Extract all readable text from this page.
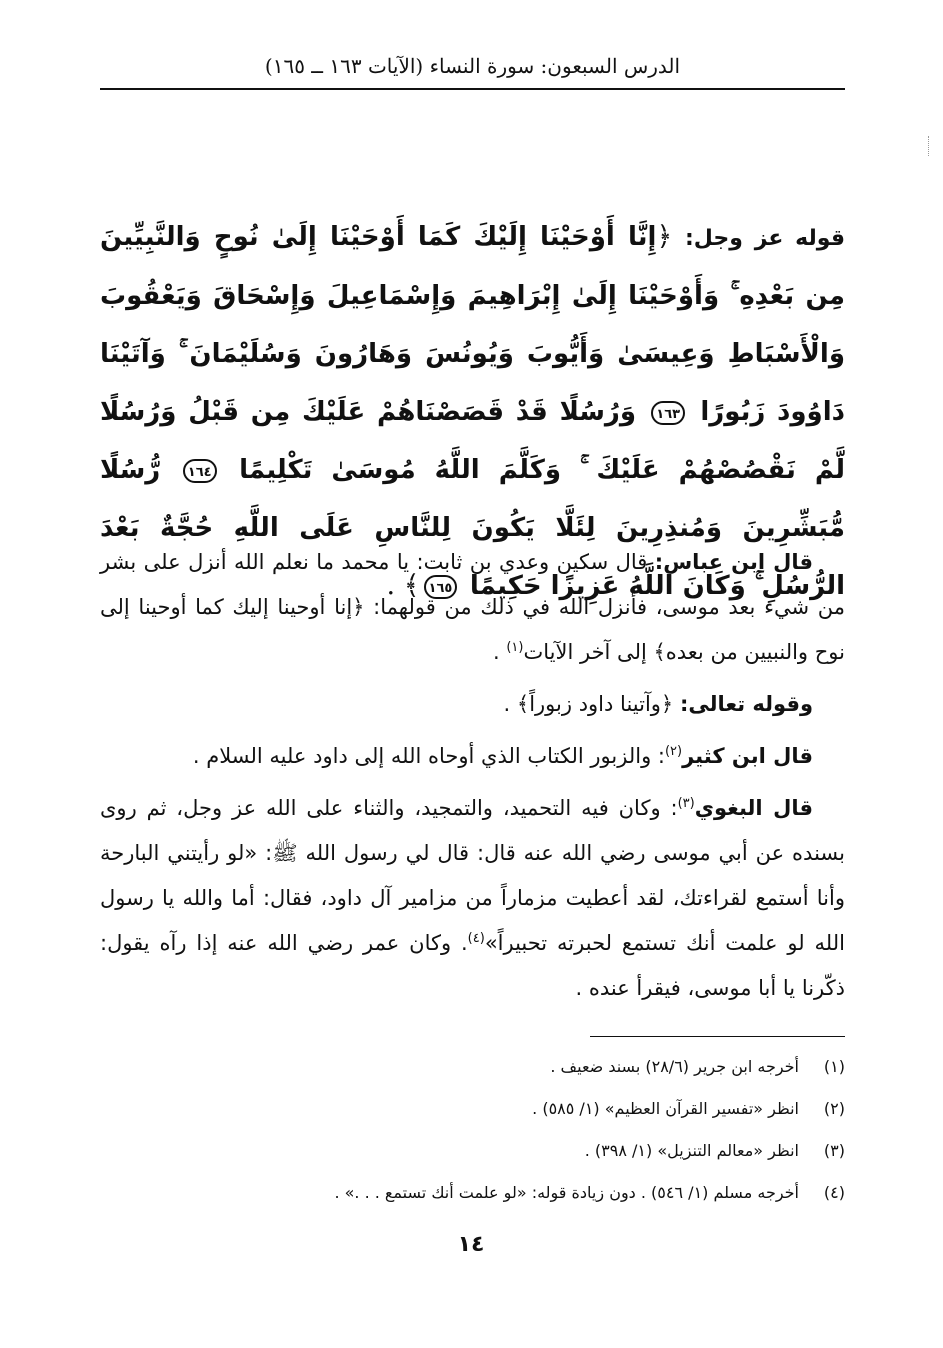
الدرس السبعون: سورة النساء (الآيات ١٦٣ ــ ١٦٥)
قوله عز وجل: ﴿إِنَّا أَوْحَيْنَا إِلَيْكَ كَمَا أَوْحَيْنَا إِلَىٰ نُوحٍ وَالنَّبِيِّينَ مِن بَعْدِهِ ۚ وَأَوْحَيْنَا إِلَىٰ إِبْرَاهِيمَ وَإِسْمَاعِيلَ وَإِسْحَاقَ وَيَعْقُوبَ وَالْأَسْبَاطِ وَعِيسَىٰ وَأَيُّوبَ وَيُونُسَ وَهَارُونَ وَسُلَيْمَانَ ۚ وَآتَيْنَا دَاوُودَ زَبُورًا ١٦٣ وَرُسُلًا قَدْ قَصَصْنَاهُمْ عَلَيْكَ مِن قَبْلُ وَرُسُلًا لَّمْ نَقْصُصْهُمْ عَلَيْكَ ۚ وَكَلَّمَ اللَّهُ مُوسَىٰ تَكْلِيمًا ١٦٤ رُّسُلًا مُّبَشِّرِينَ وَمُنذِرِينَ لِئَلَّا يَكُونَ لِلنَّاسِ عَلَى اللَّهِ حُجَّةٌ بَعْدَ الرُّسُلِ ۚ وَكَانَ اللَّهُ عَزِيزًا حَكِيمًا ١٦٥﴾ .

قال ابن عباس: قال سكين وعدي بن ثابت: يا محمد ما نعلم الله أنزل على بشر من شيء بعد موسى، فأنزل الله في ذلك من قولهما: ﴿إنا أوحينا إليك كما أوحينا إلى نوح والنبيين من بعده﴾ إلى آخر الآيات$^{(١)}$ .

وقوله تعالى: ﴿وآتينا داود زبوراً﴾ .

قال ابن كثير$^{(٢)}$: والزبور الكتاب الذي أوحاه الله إلى داود عليه السلام .

قال البغوي$^{(٣)}$: وكان فيه التحميد، والتمجيد، والثناء على الله عز وجل، ثم روى بسنده عن أبي موسى رضي الله عنه قال: قال لي رسول الله ﷺ: «لو رأيتني البارحة وأنا أستمع لقراءتك، لقد أعطيت مزماراً من مزامير آل داود، فقال: أما والله يا رسول الله لو علمت أنك تستمع لحبرته تحبيراً»$^{(٤)}$. وكان عمر رضي الله عنه إذا رآه يقول: ذكّرنا يا أبا موسى، فيقرأ عنده .

(١)
أخرجه ابن جرير (٢٨/٦) بسند ضعيف .
(٢)
انظر «تفسير القرآن العظيم» (١/ ٥٨٥) .
(٣)
انظر «معالم التنزيل» (١/ ٣٩٨) .
(٤)
أخرجه مسلم (١/ ٥٤٦) . دون زيادة قوله: «لو علمت أنك تستمع . . .» .
١٤
